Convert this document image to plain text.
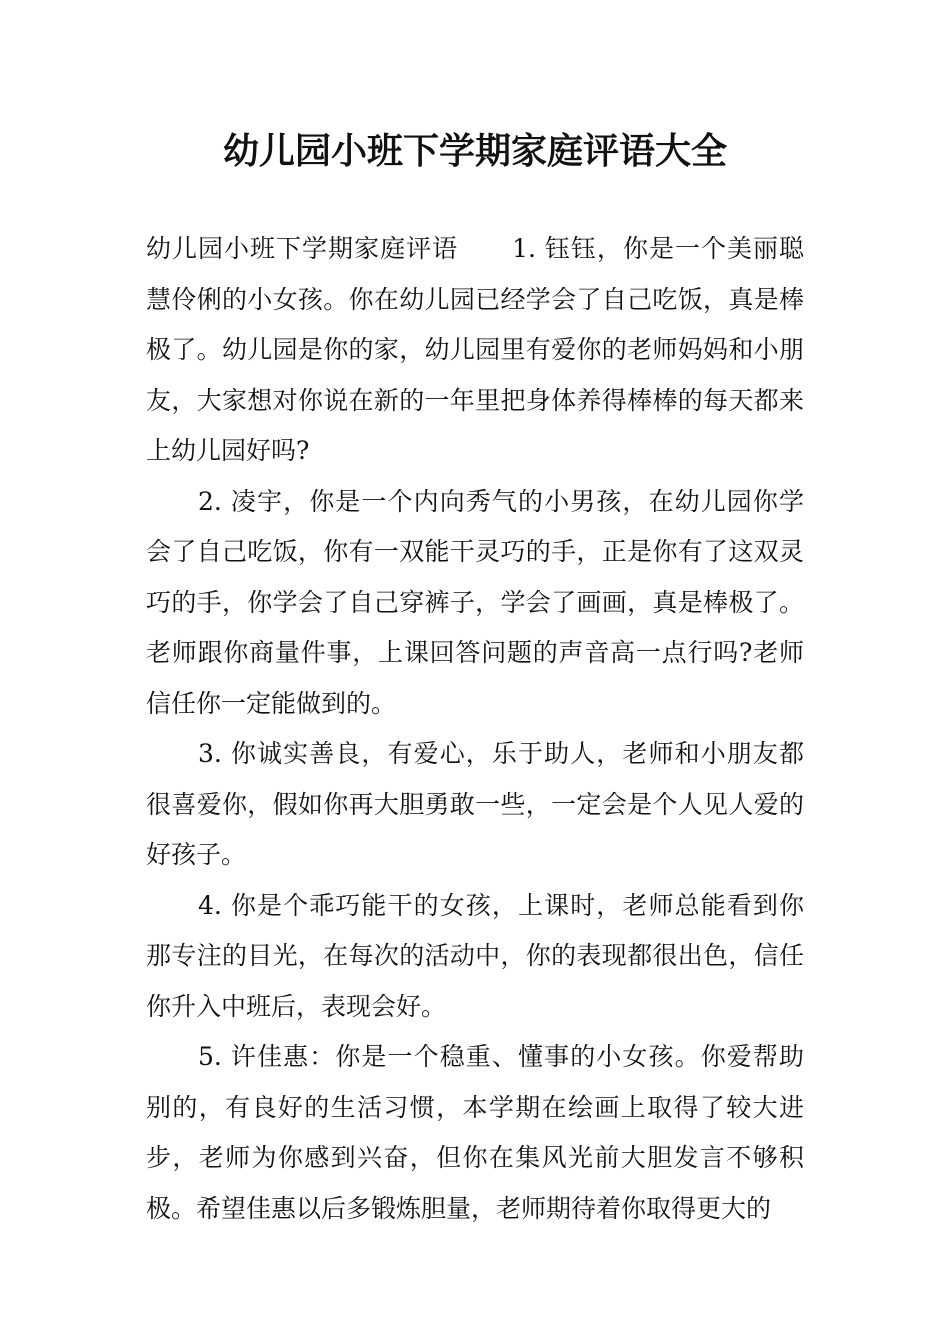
幼儿园小班下学期家庭评语大全

幼儿园小班下学期家庭评语 1. 钰钰，你是一个美丽聪慧伶俐的小女孩。你在幼儿园已经学会了自己吃饭，真是棒极了。幼儿园是你的家，幼儿园里有爱你的老师妈妈和小朋友，大家想对你说在新的一年里把身体养得棒棒的每天都来上幼儿园好吗?

2. 凌宇，你是一个内向秀气的小男孩，在幼儿园你学会了自己吃饭，你有一双能干灵巧的手，正是你有了这双灵巧的手，你学会了自己穿裤子，学会了画画，真是棒极了。老师跟你商量件事，上课回答问题的声音高一点行吗?老师信任你一定能做到的。

3. 你诚实善良，有爱心，乐于助人，老师和小朋友都很喜爱你，假如你再大胆勇敢一些，一定会是个人见人爱的好孩子。

4. 你是个乖巧能干的女孩，上课时，老师总能看到你那专注的目光，在每次的活动中，你的表现都很出色，信任你升入中班后，表现会好。

5. 许佳惠：你是一个稳重、懂事的小女孩。你爱帮助别的，有良好的生活习惯，本学期在绘画上取得了较大进步，老师为你感到兴奋，但你在集风光前大胆发言不够积极。希望佳惠以后多锻炼胆量，老师期待着你取得更大的
